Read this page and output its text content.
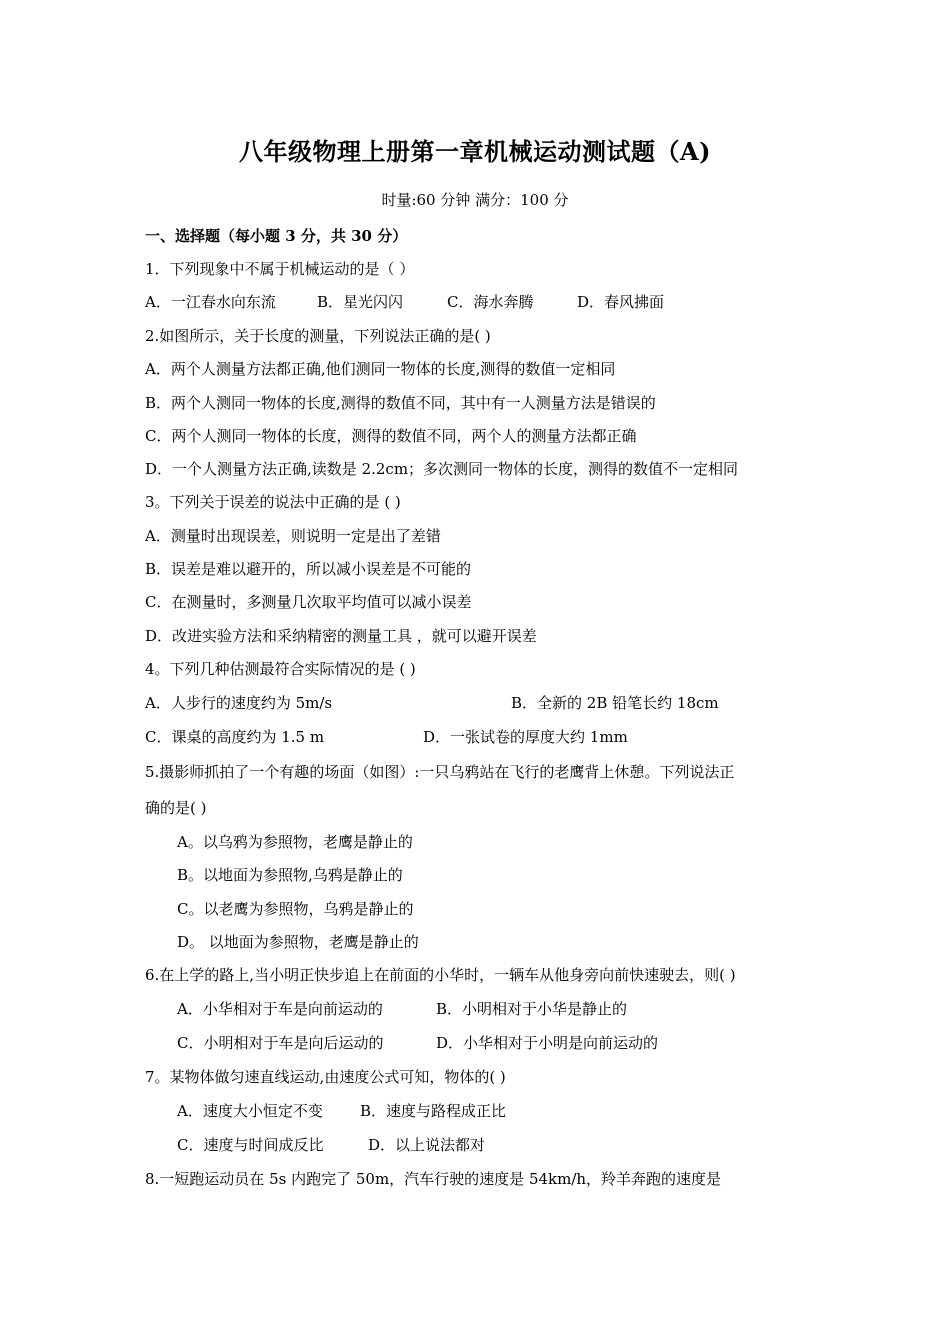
八年级物理上册第一章机械运动测试题（A)
时量:60 分钟 满分：100 分
一、选择题（每小题 3 分，共 30 分）
1．下列现象中不属于机械运动的是（ ）
A．一江春水向东流	B．星光闪闪	C．海水奔腾	D．春风拂面
2.如图所示，关于长度的测量，下列说法正确的是( )
A．两个人测量方法都正确,他们测同一物体的长度,测得的数值一定相同
B．两个人测同一物体的长度,测得的数值不同，其中有一人测量方法是错误的
C．两个人测同一物体的长度，测得的数值不同，两个人的测量方法都正确
D．一个人测量方法正确,读数是 2.2cm；多次测同一物体的长度，测得的数值不一定相同
3。下列关于误差的说法中正确的是 ( )
A．测量时出现误差，则说明一定是出了差错
B．误差是难以避开的，所以减小误差是不可能的
C．在测量时，多测量几次取平均值可以减小误差
D．改进实验方法和采纳精密的测量工具 ，就可以避开误差
4。下列几种估测最符合实际情况的是 ( )
A．人步行的速度约为 5m/s	B．全新的 2B 铅笔长约 18cm
C．课桌的高度约为 1.5 m	D．一张试卷的厚度大约 1mm
5.摄影师抓拍了一个有趣的场面（如图）:一只乌鸦站在飞行的老鹰背上休憩。下列说法正
确的是( )
A。以乌鸦为参照物，老鹰是静止的
B。以地面为参照物,乌鸦是静止的
C。以老鹰为参照物，乌鸦是静止的
D。 以地面为参照物，老鹰是静止的
6.在上学的路上,当小明正快步追上在前面的小华时，一辆车从他身旁向前快速驶去，则( )
A．小华相对于车是向前运动的	B．小明相对于小华是静止的
C．小明相对于车是向后运动的	D．小华相对于小明是向前运动的
7。某物体做匀速直线运动,由速度公式可知，物体的( )
A．速度大小恒定不变 B．速度与路程成正比
C．速度与时间成反比	D．以上说法都对
8.一短跑运动员在 5s 内跑完了 50m，汽车行驶的速度是 54km/h，羚羊奔跑的速度是
